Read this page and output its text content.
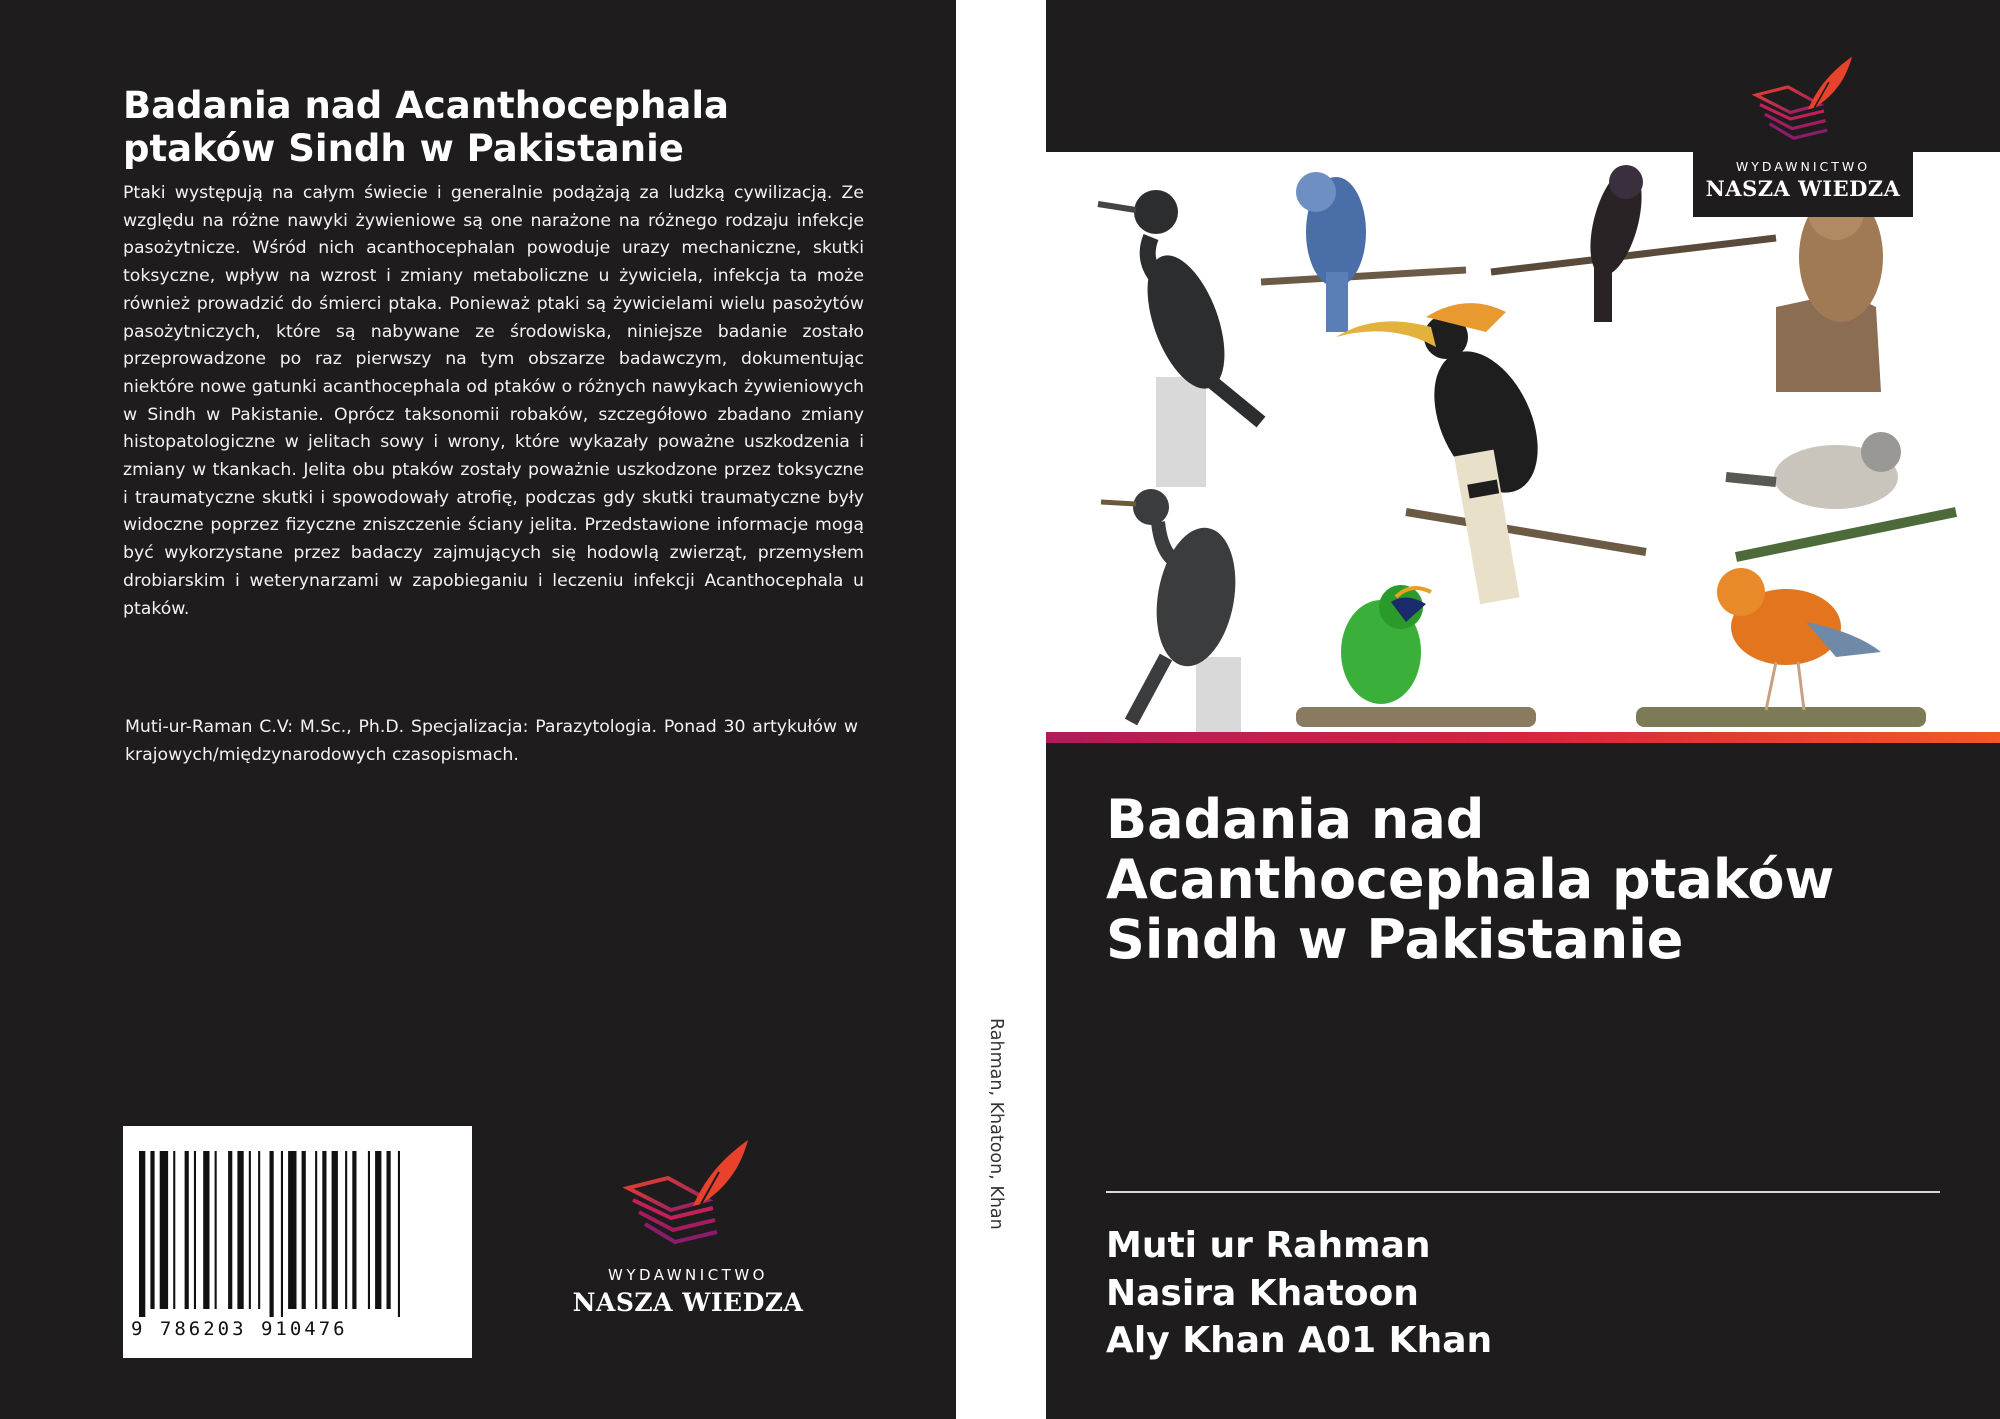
Badania nad Acanthocephala ptaków Sindh w Pakistanie

Ptaki występują na całym świecie i generalnie podążają za ludzką cywilizacją. Ze względu na różne nawyki żywieniowe są one narażone na różnego rodzaju infekcje pasożytnicze. Wśród nich acanthocephalan powoduje urazy mechaniczne, skutki toksyczne, wpływ na wzrost i zmiany metaboliczne u żywiciela, infekcja ta może również prowadzić do śmierci ptaka. Ponieważ ptaki są żywicielami wielu pasożytów pasożytniczych, które są nabywane ze środowiska, niniejsze badanie zostało przeprowadzone po raz pierwszy na tym obszarze badawczym, dokumentując niektóre nowe gatunki acanthocephala od ptaków o różnych nawykach żywieniowych w Sindh w Pakistanie. Oprócz taksonomii robaków, szczegółowo zbadano zmiany histopatologiczne w jelitach sowy i wrony, które wykazały poważne uszkodzenia i zmiany w tkankach. Jelita obu ptaków zostały poważnie uszkodzone przez toksyczne i traumatyczne skutki i spowodowały atrofię, podczas gdy skutki traumatyczne były widoczne poprzez fizyczne zniszczenie ściany jelita. Przedstawione informacje mogą być wykorzystane przez badaczy zajmujących się hodowlą zwierząt, przemysłem drobiarskim i weterynarzami w zapobieganiu i leczeniu infekcji Acanthocephala u ptaków.

Muti-ur-Raman C.V: M.Sc., Ph.D. Specjalizacja: Parazytologia. Ponad 30 artykułów w krajowych/międzynarodowych czasopismach.

9 786203 910476
WYDAWNICTWO
NASZA WIEDZA
Rahman, Khatoon, Khan
WYDAWNICTWO
NASZA WIEDZA
Badania nad Acanthocephala ptaków Sindh w Pakistanie
Muti ur Rahman
Nasira Khatoon
Aly Khan A01 Khan
